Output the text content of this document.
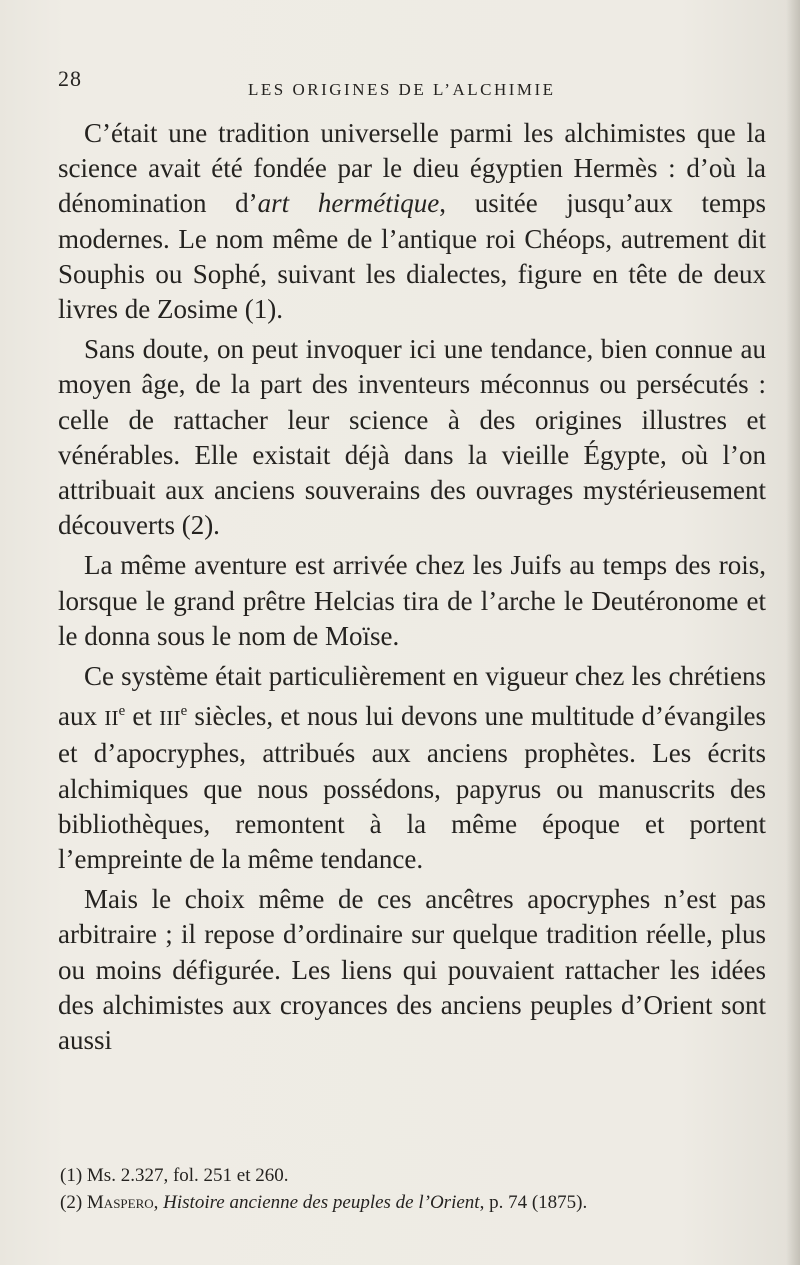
28	LES ORIGINES DE L’ALCHIMIE

C’était une tradition universelle parmi les alchimistes que la science avait été fondée par le dieu égyptien Hermès : d’où la dénomination d’art hermétique, usitée jusqu’aux temps modernes. Le nom même de l’antique roi Chéops, autrement dit Souphis ou Sophé, suivant les dialectes, figure en tête de deux livres de Zosime (1).

Sans doute, on peut invoquer ici une tendance, bien connue au moyen âge, de la part des inventeurs méconnus ou persécutés : celle de rattacher leur science à des origines illustres et vénérables. Elle existait déjà dans la vieille Égypte, où l’on attribuait aux anciens souverains des ouvrages mystérieusement découverts (2).

La même aventure est arrivée chez les Juifs au temps des rois, lorsque le grand prêtre Helcias tira de l’arche le Deutéronome et le donna sous le nom de Moïse.

Ce système était particulièrement en vigueur chez les chrétiens aux IIe et IIIe siècles, et nous lui devons une multitude d’évangiles et d’apocryphes, attribués aux anciens prophètes. Les écrits alchimiques que nous possédons, papyrus ou manuscrits des bibliothèques, remontent à la même époque et portent l’empreinte de la même tendance.

Mais le choix même de ces ancêtres apocryphes n’est pas arbitraire ; il repose d’ordinaire sur quelque tradition réelle, plus ou moins défigurée. Les liens qui pouvaient rattacher les idées des alchimistes aux croyances des anciens peuples d’Orient sont aussi

(1) Ms. 2.327, fol. 251 et 260.

(2) Maspero, Histoire ancienne des peuples de l’Orient, p. 74 (1875).
